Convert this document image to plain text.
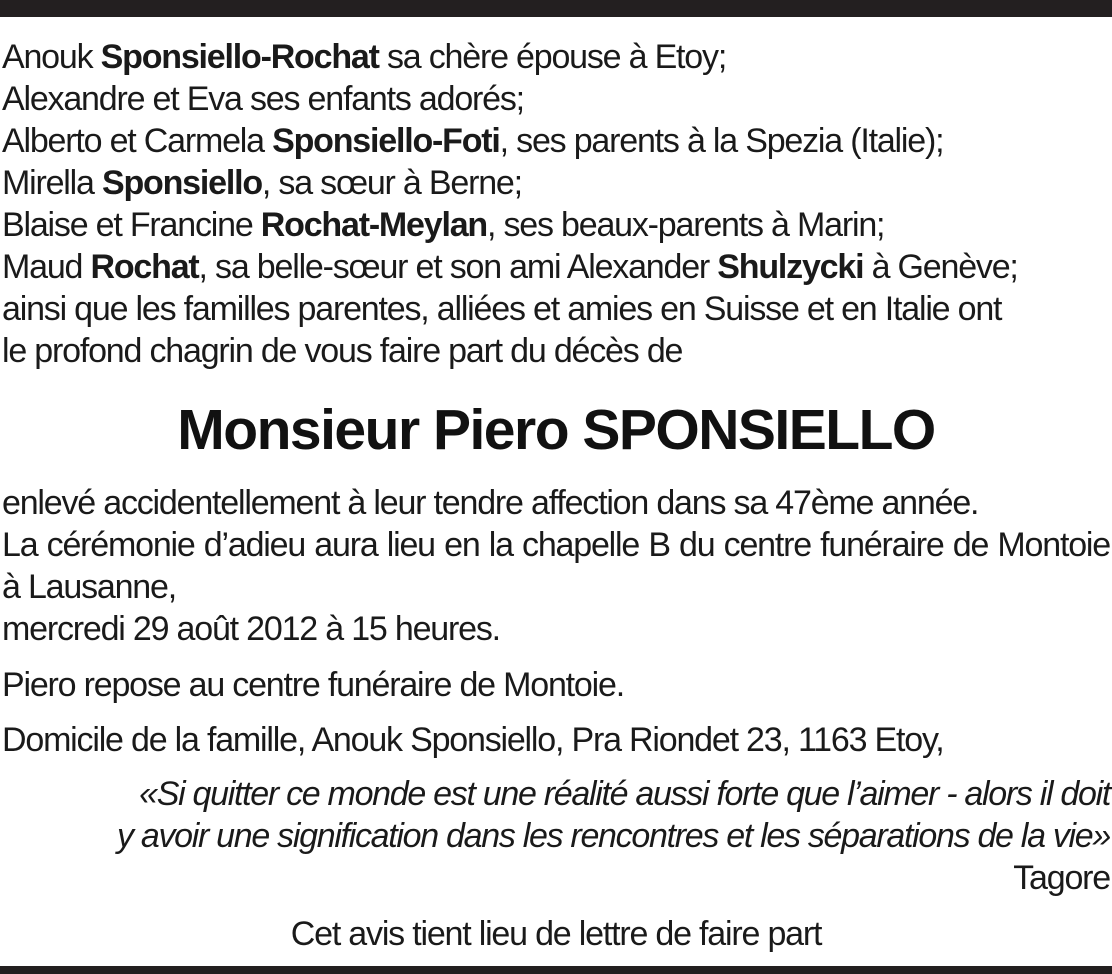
Anouk Sponsiello-Rochat sa chère épouse à Etoy;
Alexandre et Eva ses enfants adorés;
Alberto et Carmela Sponsiello-Foti, ses parents à la Spezia (Italie);
Mirella Sponsiello, sa sœur à Berne;
Blaise et Francine Rochat-Meylan, ses beaux-parents à Marin;
Maud Rochat, sa belle-sœur et son ami Alexander Shulzycki à Genève;
ainsi que les familles parentes, alliées et amies en Suisse et en Italie ont
le profond chagrin de vous faire part du décès de
Monsieur Piero SPONSIELLO

enlevé accidentellement à leur tendre affection dans sa 47ème année.

La cérémonie d’adieu aura lieu en la chapelle B du centre funéraire de Montoie à Lausanne,

mercredi 29 août 2012 à 15 heures.

Piero repose au centre funéraire de Montoie.

Domicile de la famille, Anouk Sponsiello, Pra Riondet 23, 1163 Etoy,

«Si quitter ce monde est une réalité aussi forte que l’aimer - alors il doit
y avoir une signification dans les rencontres et les séparations de la vie»

Tagore

Cet avis tient lieu de lettre de faire part
